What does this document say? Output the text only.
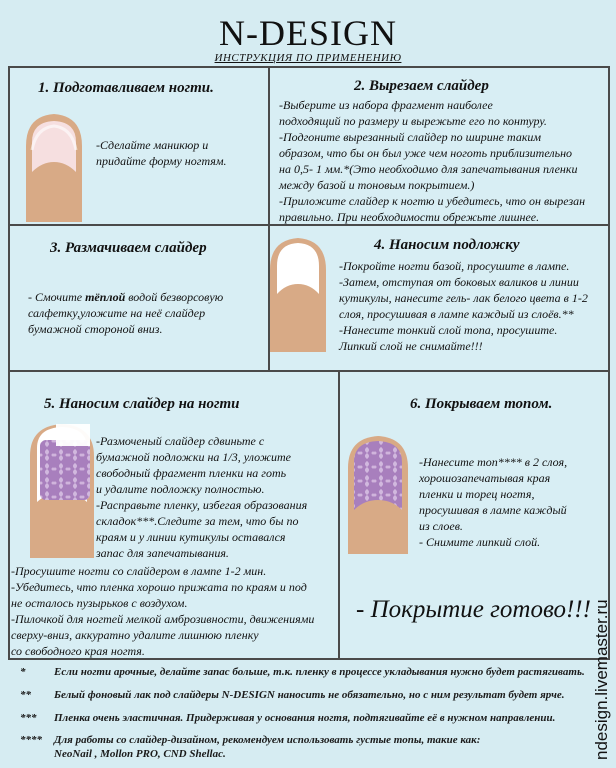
N-DESIGN
ИНСТРУКЦИЯ ПО ПРИМЕНЕНИЮ
1. Подготавливаем ногти.

-Сделайте маникюр и

придайте форму ногтям.

2. Вырезаем слайдер

-Выберите из набора фрагмент наиболее

подходящий по размеру и вырежьте его по контуру.

-Подгоните вырезанный слайдер по ширине таким

образом, что бы он был уже чем ноготь приблизительно

на 0,5- 1 мм.*(Это необходимо для запечатывания пленки

между базой и тоновым покрытием.)

-Приложите слайдер к ногтю и убедитесь, что он вырезан

правильно. При необходимости обрежьте лишнее.

3. Размачиваем слайдер

- Смочите тёплой водой безворсовую

салфетку,уложите на неё слайдер

бумажной стороной вниз.

4. Наносим подложку

-Покройте ногти базой, просушите в лампе.

-Затем, отступая от боковых валиков и линии

кутикулы, нанесите гель- лак белого цвета в 1-2

слоя, просушивая в лампе каждый из слоёв.**

-Нанесите тонкий слой топа, просушите.

Липкий слой не снимайте!!!

5. Наносим слайдер на ногти

-Размоченый слайдер сдвиньте с

бумажной подложки на 1/3, уложите

свободный фрагмент пленки на готь

и удалите подложку полностью.

-Расправьте пленку, избегая образования

складок***.Следите за тем, что бы по

краям и у линии кутикулы оставался

запас для запечатывания.

-Просушите ногти со слайдером в лампе 1-2 мин.

-Убедитесь, что пленка хорошо прижата по краям и под

не осталось пузырьков с воздухом.

-Пилочкой для ногтей мелкой амброзивности, движениями

сверху-вниз, аккуратно удалите лишнюю пленку

со свободного края ногтя.

6. Покрываем топом.

-Нанесите топ**** в 2 слоя,

хорошозапечатывая края

пленки и торец ногтя,

просушивая в лампе каждый

из слоев.

- Снимите липкий слой.

- Покрытие готово!!!
*	Если ногти арочные, делайте запас больше, т.к. пленку в процессе укладывания нужно будет растягивать.
** Белый фоновый лак под слайдеры N-DESIGN наносить не обязательно, но с ним результат будет ярче.
*** Пленка очень эластичная. Придерживая у основания ногтя, подтягивайте её в нужном направлении.
**** Для работы со слайдер-дизайном, рекомендуем использовать густые топы, такие как:
NeoNail , Mollon PRO, CND Shellac.	ndesign.livemaster.ru
